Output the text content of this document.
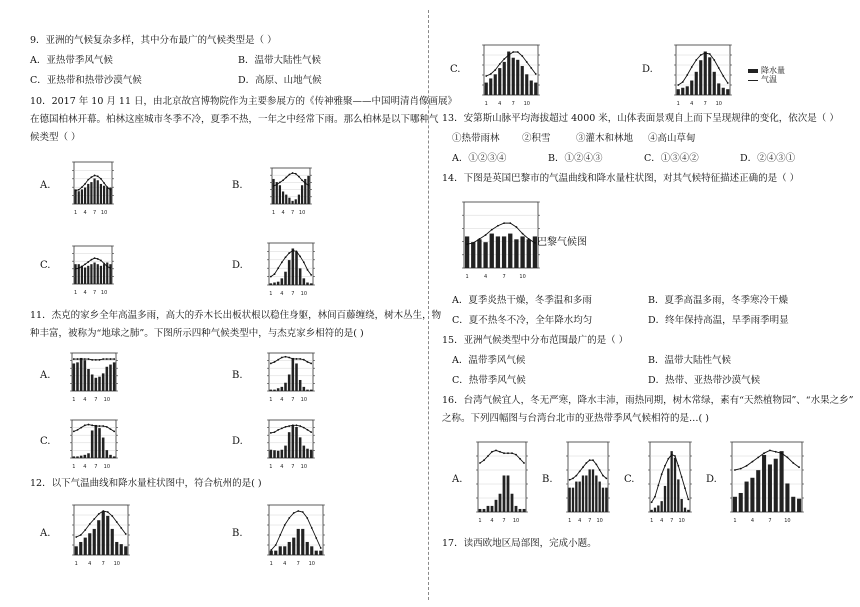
9．亚洲的气候复杂多样，其中分布最广的气候类型是（ ）
A．亚热带季风气候	B．温带大陆性气候
C．亚热带和热带沙漠气候	D．高原、山地气候
10．2017 年 10 月 11 日，由北京故宫博物院作为主要参展方的《传神雅聚——中国明清肖像画展》
在德国柏林开幕。柏林这座城市冬季不冷，夏季不热，一年之中经常下雨。那么柏林是以下哪种气
候类型（ ）
A.
1 4 7 10
B.
1 4 7 10
C.
1 4 7 10
D.
1 4 7 10
11．杰克的家乡全年高温多雨，高大的乔木长出板状根以稳住身躯，林间百藤缠绕，树木丛生，物
种丰富，被称为“地球之肺”。下图所示四种气候类型中，与杰克家乡相符的是( )
A.
1 4 7 10
B.
1 4 7 10
C.
1 4 7 10
D.
1 4 7 10
12．以下气温曲线和降水量柱状图中，符合杭州的是( )
A.
1 4 7 10
B.
1 4 7 10
C.
1 4 7 10
D.
1 4 7 10
降水量
气温
13．安第斯山脉平均海拔超过 4000 米，山体表面景观自上而下呈现规律的变化，依次是（ ）
①热带雨林 ②积雪	③灌木和林地 ④高山草甸
A．①②③④	B．①②④③	C．①③④②	D．②④③①
14．下图是英国巴黎市的气温曲线和降水量柱状图，对其气候特征描述正确的是（ ）
1	4	7	10
巴黎气候图
A．夏季炎热干燥，冬季温和多雨	B．夏季高温多雨，冬季寒冷干燥
C．夏不热冬不冷，全年降水均匀	D．终年保持高温，旱季雨季明显
15．亚洲气候类型中分布范围最广的是（ ）
A．温带季风气候	B．温带大陆性气候
C．热带季风气候	D．热带、亚热带沙漠气候
16．台湾气候宜人，冬无严寒，降水丰沛，雨热同期，树木常绿，素有“天然植物园”、“水果之乡”
之称。下列四幅图与台湾台北市的亚热带季风气候相符的是…( )
A.
1 4 7 10
B.
1 4 7 10
C.
1 4 7 10
D.
1	4	7	10
17．读西欧地区局部图，完成小题。
